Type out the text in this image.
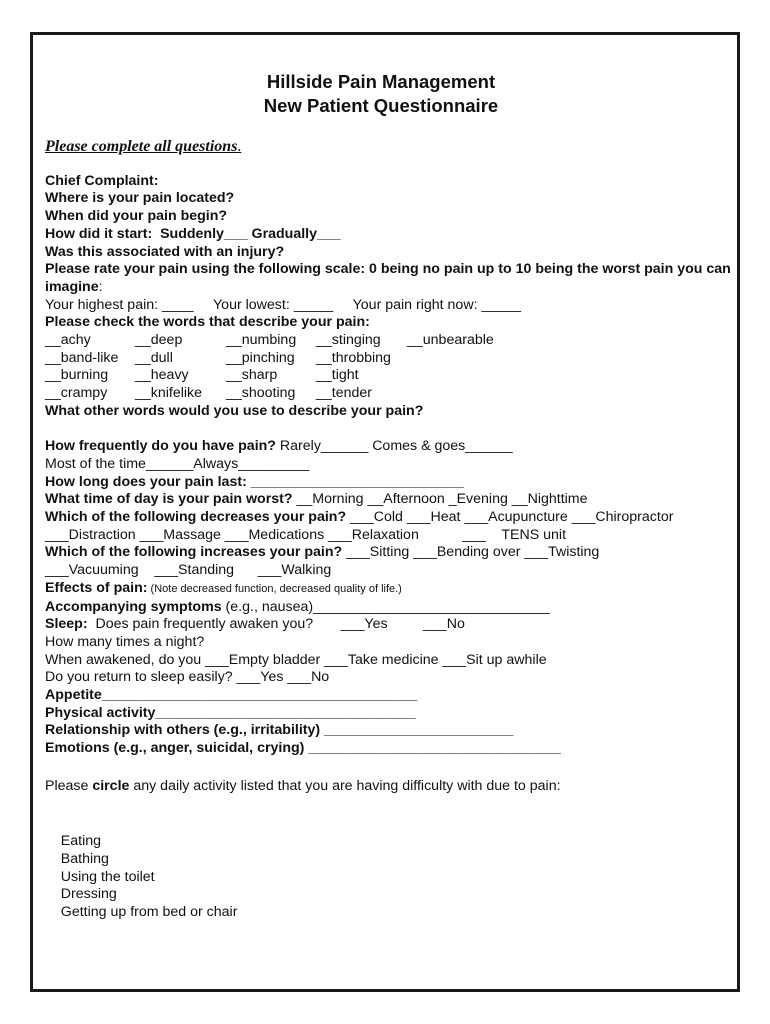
Hillside Pain Management
New Patient Questionnaire
Please complete all questions.
Chief Complaint:
Where is your pain located?
When did your pain begin?
How did it start:  Suddenly___ Gradually___
Was this associated with an injury?
Please rate your pain using the following scale: 0 being no pain up to 10 being the worst pain you can imagine:
Your highest pain: ____     Your lowest: _____     Your pain right now: _____
Please check the words that describe your pain:
__achy	__deep	__numbing	__stinging	__unbearable
__band-like	__dull	__pinching	__throbbing
__burning	__heavy	__sharp	__tight
__crampy	__knifelike	__shooting	__tender
What other words would you use to describe your pain?
How frequently do you have pain? Rarely______ Comes & goes______
Most of the time______Always_________
How long does your pain last: ___________________________
What time of day is your pain worst? __Morning __Afternoon _Evening __Nighttime
Which of the following decreases your pain? ___Cold ___Heat ___Acupuncture ___Chiropractor
___Distraction ___Massage ___Medications ___Relaxation           ___    TENS unit
Which of the following increases your pain? ___Sitting ___Bending over ___Twisting
___Vacuuming    ___Standing      ___Walking
Effects of pain: (Note decreased function, decreased quality of life.)
Accompanying symptoms (e.g., nausea)______________________________
Sleep:  Does pain frequently awaken you?       ___Yes         ___No
How many times a night?
When awakened, do you ___Empty bladder ___Take medicine ___Sit up awhile
Do you return to sleep easily? ___Yes ___No
Appetite________________________________________
Physical activity_________________________________
Relationship with others (e.g., irritability) ________________________
Emotions (e.g., anger, suicidal, crying) ________________________________
Please circle any daily activity listed that you are having difficulty with due to pain:

Eating
Bathing
Using the toilet
Dressing
Getting up from bed or chair
